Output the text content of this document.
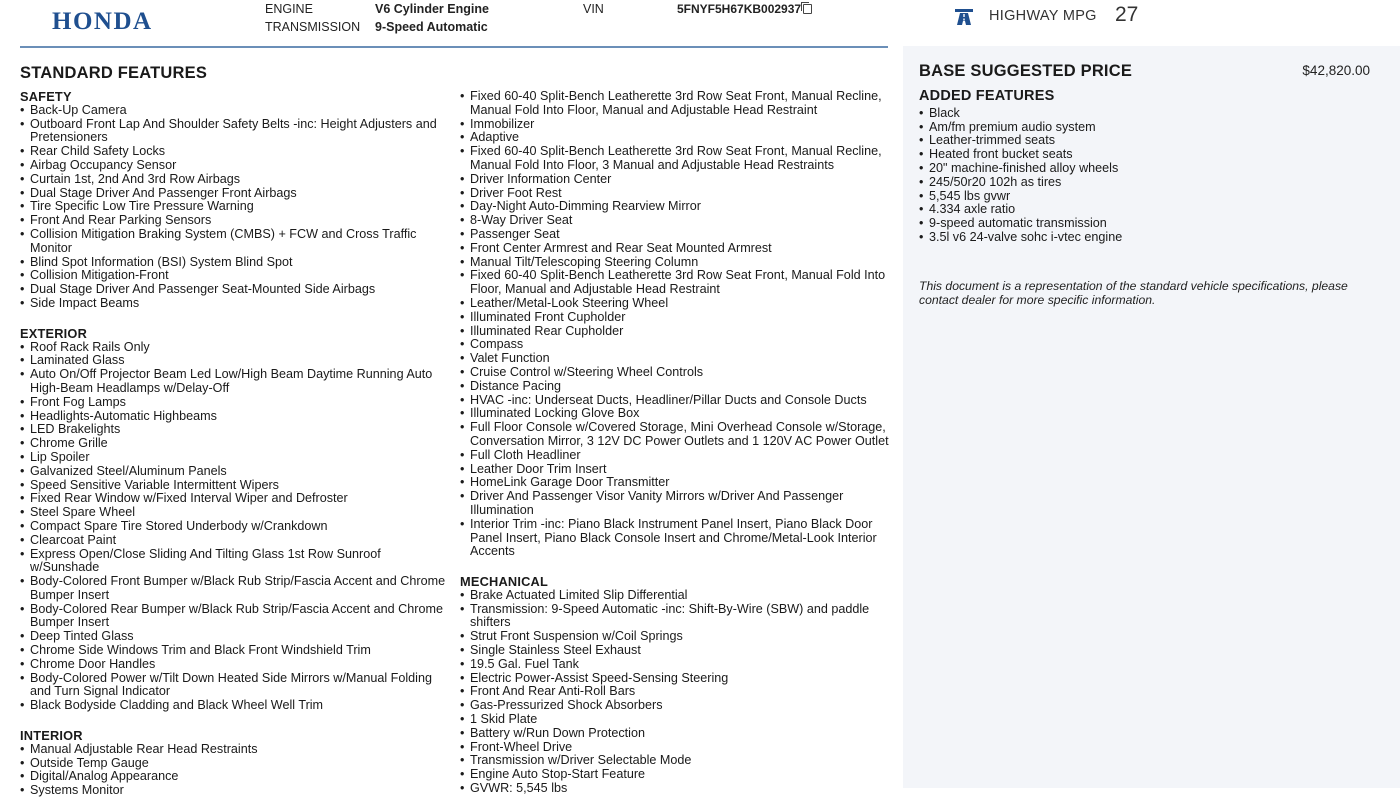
HONDA	ENGINE	V6 Cylinder Engine
TRANSMISSION 9-Speed Automatic
VIN	5FNYF5H67KB002937	HIGHWAY MPG 27
STANDARD FEATURES
SAFETY
• Back-Up Camera
• Outboard Front Lap And Shoulder Safety Belts -inc: Height Adjusters and Pretensioners
• Rear Child Safety Locks
• Airbag Occupancy Sensor
• Curtain 1st, 2nd And 3rd Row Airbags
• Dual Stage Driver And Passenger Front Airbags
• Tire Specific Low Tire Pressure Warning
• Front And Rear Parking Sensors
• Collision Mitigation Braking System (CMBS) + FCW and Cross Traffic Monitor
• Blind Spot Information (BSI) System Blind Spot
• Collision Mitigation-Front
• Dual Stage Driver And Passenger Seat-Mounted Side Airbags
• Side Impact Beams
EXTERIOR
• Roof Rack Rails Only
• Laminated Glass
• Auto On/Off Projector Beam Led Low/High Beam Daytime Running Auto High-Beam Headlamps w/Delay-Off
• Front Fog Lamps
• Headlights-Automatic Highbeams
• LED Brakelights
• Chrome Grille
• Lip Spoiler
• Galvanized Steel/Aluminum Panels
• Speed Sensitive Variable Intermittent Wipers
• Fixed Rear Window w/Fixed Interval Wiper and Defroster
• Steel Spare Wheel
• Compact Spare Tire Stored Underbody w/Crankdown
• Clearcoat Paint
• Express Open/Close Sliding And Tilting Glass 1st Row Sunroof w/Sunshade
• Body-Colored Front Bumper w/Black Rub Strip/Fascia Accent and Chrome Bumper Insert
• Body-Colored Rear Bumper w/Black Rub Strip/Fascia Accent and Chrome Bumper Insert
• Deep Tinted Glass
• Chrome Side Windows Trim and Black Front Windshield Trim
• Chrome Door Handles
• Body-Colored Power w/Tilt Down Heated Side Mirrors w/Manual Folding and Turn Signal Indicator
• Black Bodyside Cladding and Black Wheel Well Trim
INTERIOR
• Manual Adjustable Rear Head Restraints
• Outside Temp Gauge
• Digital/Analog Appearance
• Systems Monitor
• Fixed 60-40 Split-Bench Leatherette 3rd Row Seat Front, Manual Recline, Manual Fold Into Floor, Manual and Adjustable Head Restraint
• Immobilizer
• Adaptive
• Fixed 60-40 Split-Bench Leatherette 3rd Row Seat Front, Manual Recline, Manual Fold Into Floor, 3 Manual and Adjustable Head Restraints
• Driver Information Center
• Driver Foot Rest
• Day-Night Auto-Dimming Rearview Mirror
• 8-Way Driver Seat
• Passenger Seat
• Front Center Armrest and Rear Seat Mounted Armrest
• Manual Tilt/Telescoping Steering Column
• Fixed 60-40 Split-Bench Leatherette 3rd Row Seat Front, Manual Fold Into Floor, Manual and Adjustable Head Restraint
• Leather/Metal-Look Steering Wheel
• Illuminated Front Cupholder
• Illuminated Rear Cupholder
• Compass
• Valet Function
• Cruise Control w/Steering Wheel Controls
• Distance Pacing
• HVAC -inc: Underseat Ducts, Headliner/Pillar Ducts and Console Ducts
• Illuminated Locking Glove Box
• Full Floor Console w/Covered Storage, Mini Overhead Console w/Storage, Conversation Mirror, 3 12V DC Power Outlets and 1 120V AC Power Outlet
• Full Cloth Headliner
• Leather Door Trim Insert
• HomeLink Garage Door Transmitter
• Driver And Passenger Visor Vanity Mirrors w/Driver And Passenger Illumination
• Interior Trim -inc: Piano Black Instrument Panel Insert, Piano Black Door Panel Insert, Piano Black Console Insert and Chrome/Metal-Look Interior Accents
MECHANICAL
• Brake Actuated Limited Slip Differential
• Transmission: 9-Speed Automatic -inc: Shift-By-Wire (SBW) and paddle shifters
• Strut Front Suspension w/Coil Springs
• Single Stainless Steel Exhaust
• 19.5 Gal. Fuel Tank
• Electric Power-Assist Speed-Sensing Steering
• Front And Rear Anti-Roll Bars
• Gas-Pressurized Shock Absorbers
• 1 Skid Plate
• Battery w/Run Down Protection
• Front-Wheel Drive
• Transmission w/Driver Selectable Mode
• Engine Auto Stop-Start Feature
• GVWR: 5,545 lbs
BASE SUGGESTED PRICE	$42,820.00
ADDED FEATURES
• Black
• Am/fm premium audio system
• Leather-trimmed seats
• Heated front bucket seats
• 20" machine-finished alloy wheels
• 245/50r20 102h as tires
• 5,545 lbs gvwr
• 4.334 axle ratio
• 9-speed automatic transmission
• 3.5l v6 24-valve sohc i-vtec engine
This document is a representation of the standard vehicle specifications, please contact dealer for more specific information.
